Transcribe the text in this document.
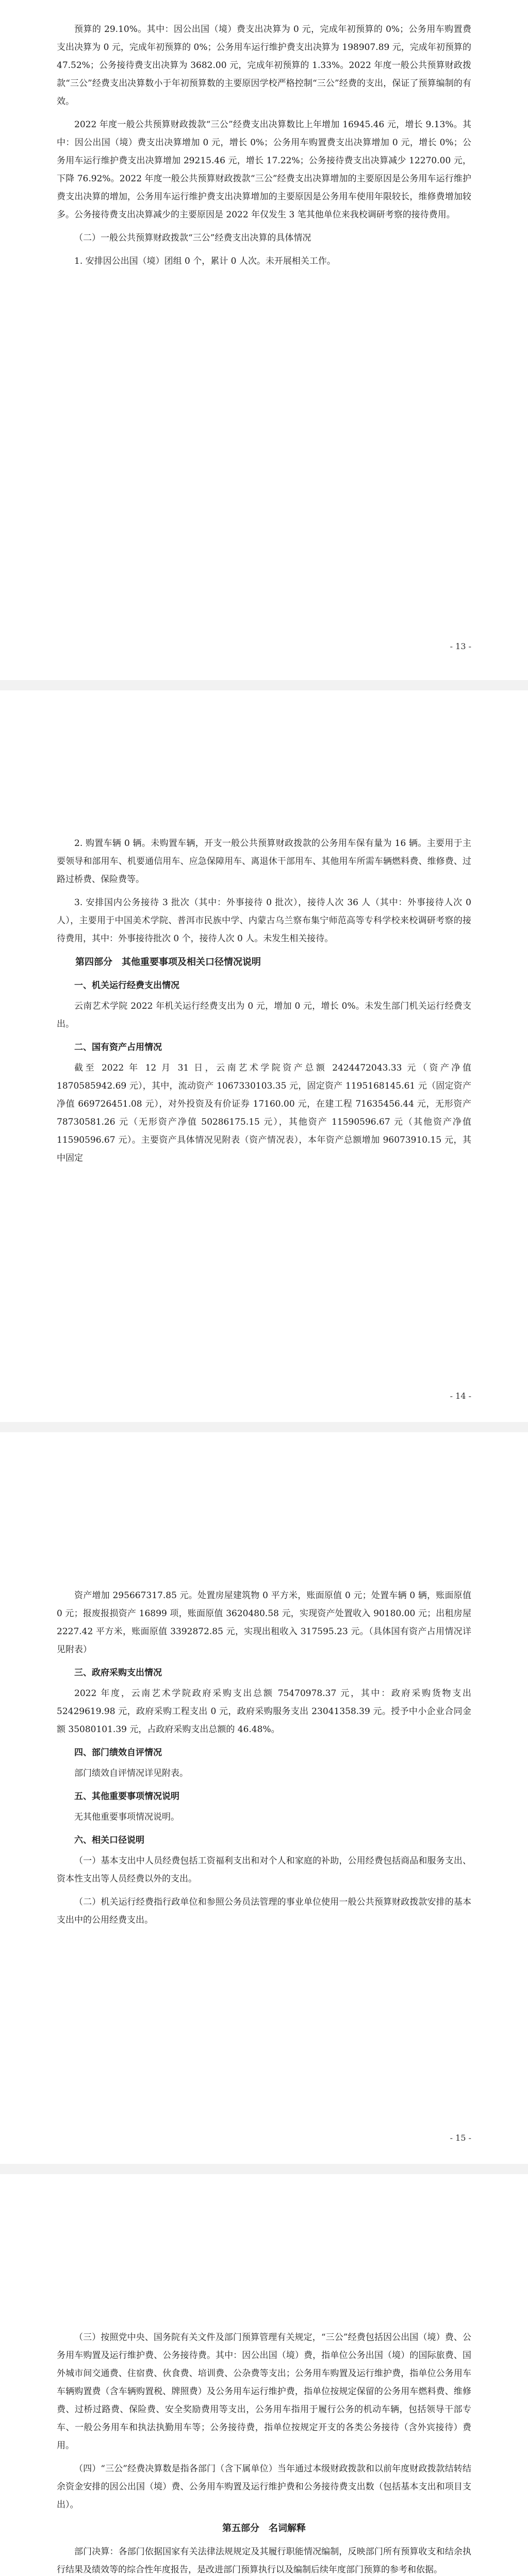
预算的 29.10%。其中：因公出国（境）费支出决算为 0 元，完成年初预算的 0%；公务用车购置费支出决算为 0 元，完成年初预算的 0%；公务用车运行维护费支出决算为 198907.89 元，完成年初预算的 47.52%；公务接待费支出决算为 3682.00 元，完成年初预算的 1.33%。2022 年度一般公共预算财政拨款“三公”经费支出决算数小于年初预算数的主要原因学校严格控制“三公”经费的支出，保证了预算编制的有效。

2022 年度一般公共预算财政拨款“三公”经费支出决算数比上年增加 16945.46 元，增长 9.13%。其中：因公出国（境）费支出决算增加 0 元，增长 0%；公务用车购置费支出决算增加 0 元，增长 0%；公务用车运行维护费支出决算增加 29215.46 元，增长 17.22%；公务接待费支出决算减少 12270.00 元，下降 76.92%。2022 年度一般公共预算财政拨款“三公”经费支出决算增加的主要原因是公务用车运行维护费支出决算的增加，公务用车运行维护费支出决算增加的主要原因是公务用车使用年限较长，维修费增加较多。公务接待费支出决算减少的主要原因是 2022 年仅发生 3 笔其他单位来我校调研考察的接待费用。

（二）一般公共预算财政拨款“三公”经费支出决算的具体情况

1. 安排因公出国（境）团组 0 个，累计 0 人次。未开展相关工作。

- 13 -

2. 购置车辆 0 辆。未购置车辆，开支一般公共预算财政拨款的公务用车保有量为 16 辆。主要用于主要领导和部用车、机要通信用车、应急保障用车、离退休干部用车、其他用车所需车辆燃料费、维修费、过路过桥费、保险费等。

3. 安排国内公务接待 3 批次（其中：外事接待 0 批次），接待人次 36 人（其中：外事接待人次 0 人），主要用于中国美术学院、普洱市民族中学、内蒙古乌兰察布集宁师范高等专科学校来校调研考察的接待费用，其中：外事接待批次 0 个，接待人次 0 人。未发生相关接待。

第四部分　其他重要事项及相关口径情况说明
一、机关运行经费支出情况

云南艺术学院 2022 年机关运行经费支出为 0 元，增加 0 元，增长 0%。未发生部门机关运行经费支出。

二、国有资产占用情况

截至 2022 年 12 月 31 日，云南艺术学院资产总额 2424472043.33 元（资产净值 1870585942.69 元），其中，流动资产 1067330103.35 元，固定资产 1195168145.61 元（固定资产净值 669726451.08 元），对外投资及有价证券 17160.00 元，在建工程 71635456.44 元，无形资产 78730581.26 元（无形资产净值 50286175.15 元），其他资产 11590596.67 元（其他资产净值 11590596.67 元）。主要资产具体情况见附表（资产情况表），本年资产总额增加 96073910.15 元，其中固定

- 14 -

资产增加 295667317.85 元。处置房屋建筑物 0 平方米，账面原值 0 元；处置车辆 0 辆，账面原值 0 元；报废报损资产 16899 项，账面原值 3620480.58 元，实现资产处置收入 90180.00 元；出租房屋 2227.42 平方米，账面原值 3392872.85 元，实现出租收入 317595.23 元。（具体国有资产占用情况详见附表）

三、政府采购支出情况

2022 年度，云南艺术学院政府采购支出总额 75470978.37 元，其中：政府采购货物支出 52429619.98 元，政府采购工程支出 0 元，政府采购服务支出 23041358.39 元。授予中小企业合同金额 35080101.39 元，占政府采购支出总额的 46.48%。

四、部门绩效自评情况

部门绩效自评情况详见附表。

五、其他重要事项情况说明

无其他重要事项情况说明。

六、相关口径说明

（一）基本支出中人员经费包括工资福利支出和对个人和家庭的补助，公用经费包括商品和服务支出、资本性支出等人员经费以外的支出。

（二）机关运行经费指行政单位和参照公务员法管理的事业单位使用一般公共预算财政拨款安排的基本支出中的公用经费支出。

- 15 -

（三）按照党中央、国务院有关文件及部门预算管理有关规定，“三公”经费包括因公出国（境）费、公务用车购置及运行维护费、公务接待费。其中：因公出国（境）费，指单位公务出国（境）的国际旅费、国外城市间交通费、住宿费、伙食费、培训费、公杂费等支出；公务用车购置及运行维护费，指单位公务用车车辆购置费（含车辆购置税、牌照费）及公务用车运行维护费，指单位按规定保留的公务用车燃料费、维修费、过桥过路费、保险费、安全奖励费用等支出，公务用车指用于履行公务的机动车辆，包括领导干部专车、一般公务用车和执法执勤用车等；公务接待费，指单位按规定开支的各类公务接待（含外宾接待）费用。

（四）“三公”经费决算数是指各部门（含下属单位）当年通过本级财政拨款和以前年度财政拨款结转结余资金安排的因公出国（境）费、公务用车购置及运行维护费和公务接待费支出数（包括基本支出和项目支出）。

第五部分　名词解释

部门决算：各部门依据国家有关法律法规规定及其履行职能情况编制，反映部门所有预算收支和结余执行结果及绩效等的综合性年度报告，是改进部门预算执行以及编制后续年度部门预算的参考和依据。
